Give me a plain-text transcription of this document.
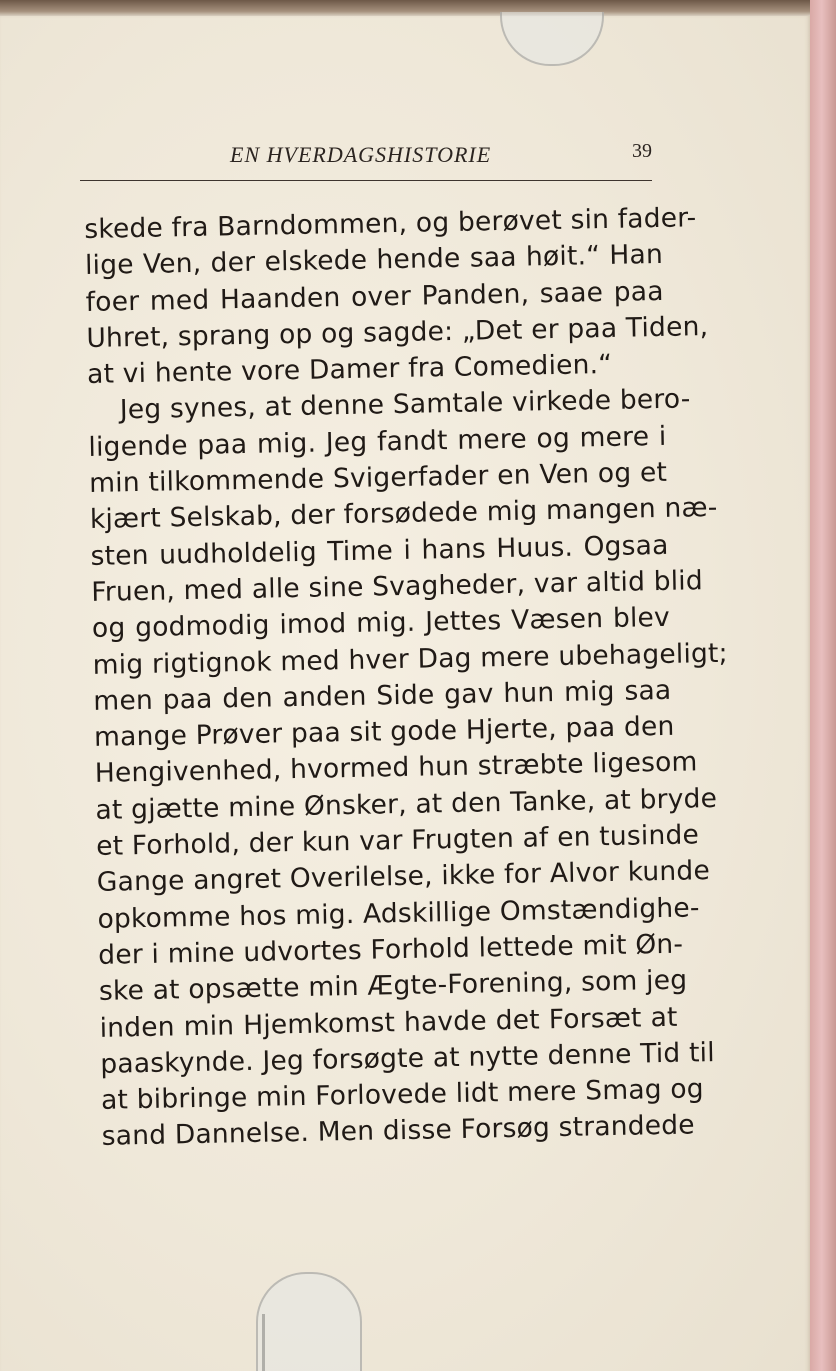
EN HVERDAGSHISTORIE	39
skede fra Barndommen, og berøvet sin fader-
lige Ven, der elskede hende saa høit.“ Han
foer med Haanden over Panden, saae paa
Uhret, sprang op og sagde: „Det er paa Tiden,
at vi hente vore Damer fra Comedien.“
Jeg synes, at denne Samtale virkede bero-
ligende paa mig. Jeg fandt mere og mere i
min tilkommende Svigerfader en Ven og et
kjært Selskab, der forsødede mig mangen næ-
sten uudholdelig Time i hans Huus. Ogsaa
Fruen, med alle sine Svagheder, var altid blid
og godmodig imod mig. Jettes Væsen blev
mig rigtignok med hver Dag mere ubehageligt;
men paa den anden Side gav hun mig saa
mange Prøver paa sit gode Hjerte, paa den
Hengivenhed, hvormed hun stræbte ligesom
at gjætte mine Ønsker, at den Tanke, at bryde
et Forhold, der kun var Frugten af en tusinde
Gange angret Overilelse, ikke for Alvor kunde
opkomme hos mig. Adskillige Omstændighe-
der i mine udvortes Forhold lettede mit Øn-
ske at opsætte min Ægte-Forening, som jeg
inden min Hjemkomst havde det Forsæt at
paaskynde. Jeg forsøgte at nytte denne Tid til
at bibringe min Forlovede lidt mere Smag og
sand Dannelse. Men disse Forsøg strandede
